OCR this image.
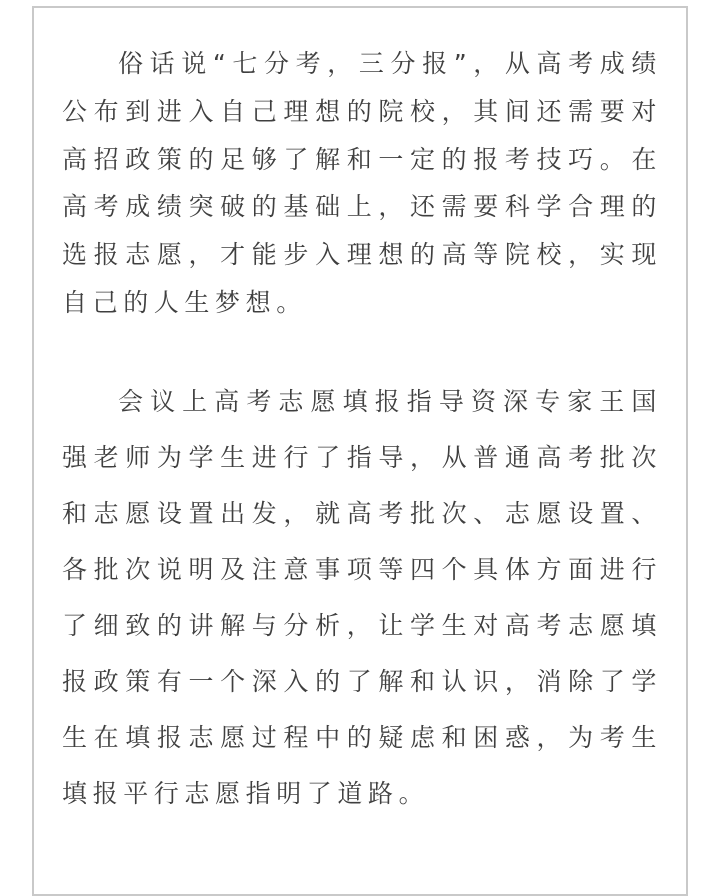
俗话说“七分考，三分报”，从高考成绩公布到进入自己理想的院校，其间还需要对高招政策的足够了解和一定的报考技巧。在高考成绩突破的基础上，还需要科学合理的选报志愿，才能步入理想的高等院校，实现自己的人生梦想。

会议上高考志愿填报指导资深专家王国强老师为学生进行了指导，从普通高考批次和志愿设置出发，就高考批次、志愿设置、各批次说明及注意事项等四个具体方面进行了细致的讲解与分析，让学生对高考志愿填报政策有一个深入的了解和认识，消除了学生在填报志愿过程中的疑虑和困惑，为考生填报平行志愿指明了道路。
